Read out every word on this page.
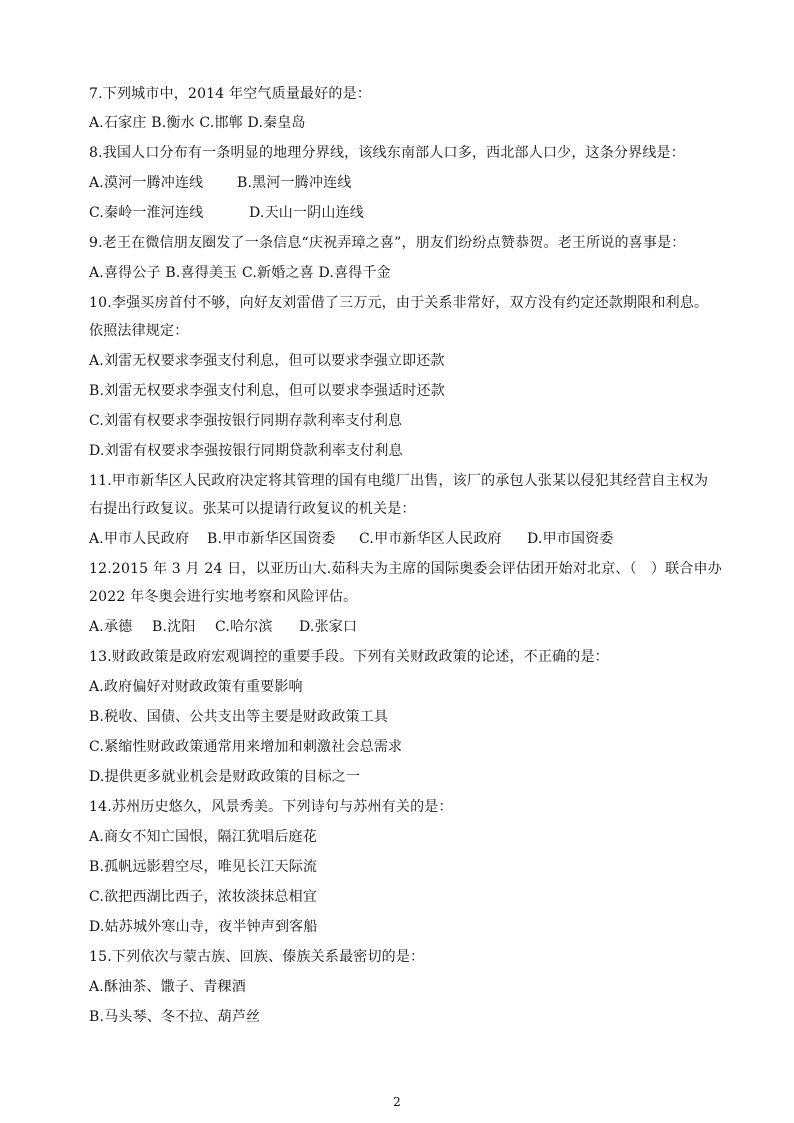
7.下列城市中，2014 年空气质量最好的是：
A.石家庄 B.衡水 C.邯郸 D.秦皇岛
8.我国人口分布有一条明显的地理分界线，该线东南部人口多，西北部人口少，这条分界线是：
A.漠河一腾冲连线 B.黑河一腾冲连线
C.秦岭一淮河连线	D.天山一阴山连线
9.老王在微信朋友圈发了一条信息“庆祝弄璋之喜”，朋友们纷纷点赞恭贺。老王所说的喜事是：
A.喜得公子 B.喜得美玉 C.新婚之喜 D.喜得千金
10.李强买房首付不够，向好友刘雷借了三万元，由于关系非常好，双方没有约定还款期限和利息。
依照法律规定：
A.刘雷无权要求李强支付利息，但可以要求李强立即还款
B.刘雷无权要求李强支付利息，但可以要求李强适时还款
C.刘雷有权要求李强按银行同期存款利率支付利息
D.刘雷有权要求李强按银行同期贷款利率支付利息
11.甲市新华区人民政府决定将其管理的国有电缆厂出售，该厂的承包人张某以侵犯其经营自主权为
右提出行政复议。张某可以提请行政复议的机关是：
A.甲市人民政府 B.甲市新华区国资委 C.甲市新华区人民政府 D.甲市国资委
12.2015 年 3 月 24 日，以亚历山大.茹科夫为主席的国际奥委会评估团开始对北京、（　）联合申办
2022 年冬奥会进行实地考察和风险评估。
A.承德 B.沈阳 C.哈尔滨 D.张家口
13.财政政策是政府宏观调控的重要手段。下列有关财政政策的论述，不正确的是：
A.政府偏好对财政政策有重要影响
B.税收、国债、公共支出等主要是财政政策工具
C.紧缩性财政政策通常用来增加和刺激社会总需求
D.提供更多就业机会是财政政策的目标之一
14.苏州历史悠久，风景秀美。下列诗句与苏州有关的是：
A.商女不知亡国恨，隔江犹唱后庭花
B.孤帆远影碧空尽，唯见长江天际流
C.欲把西湖比西子，浓妆淡抹总相宜
D.姑苏城外寒山寺，夜半钟声到客船
15.下列依次与蒙古族、回族、傣族关系最密切的是：
A.酥油茶、馓子、青稞酒
B.马头琴、冬不拉、葫芦丝
2
